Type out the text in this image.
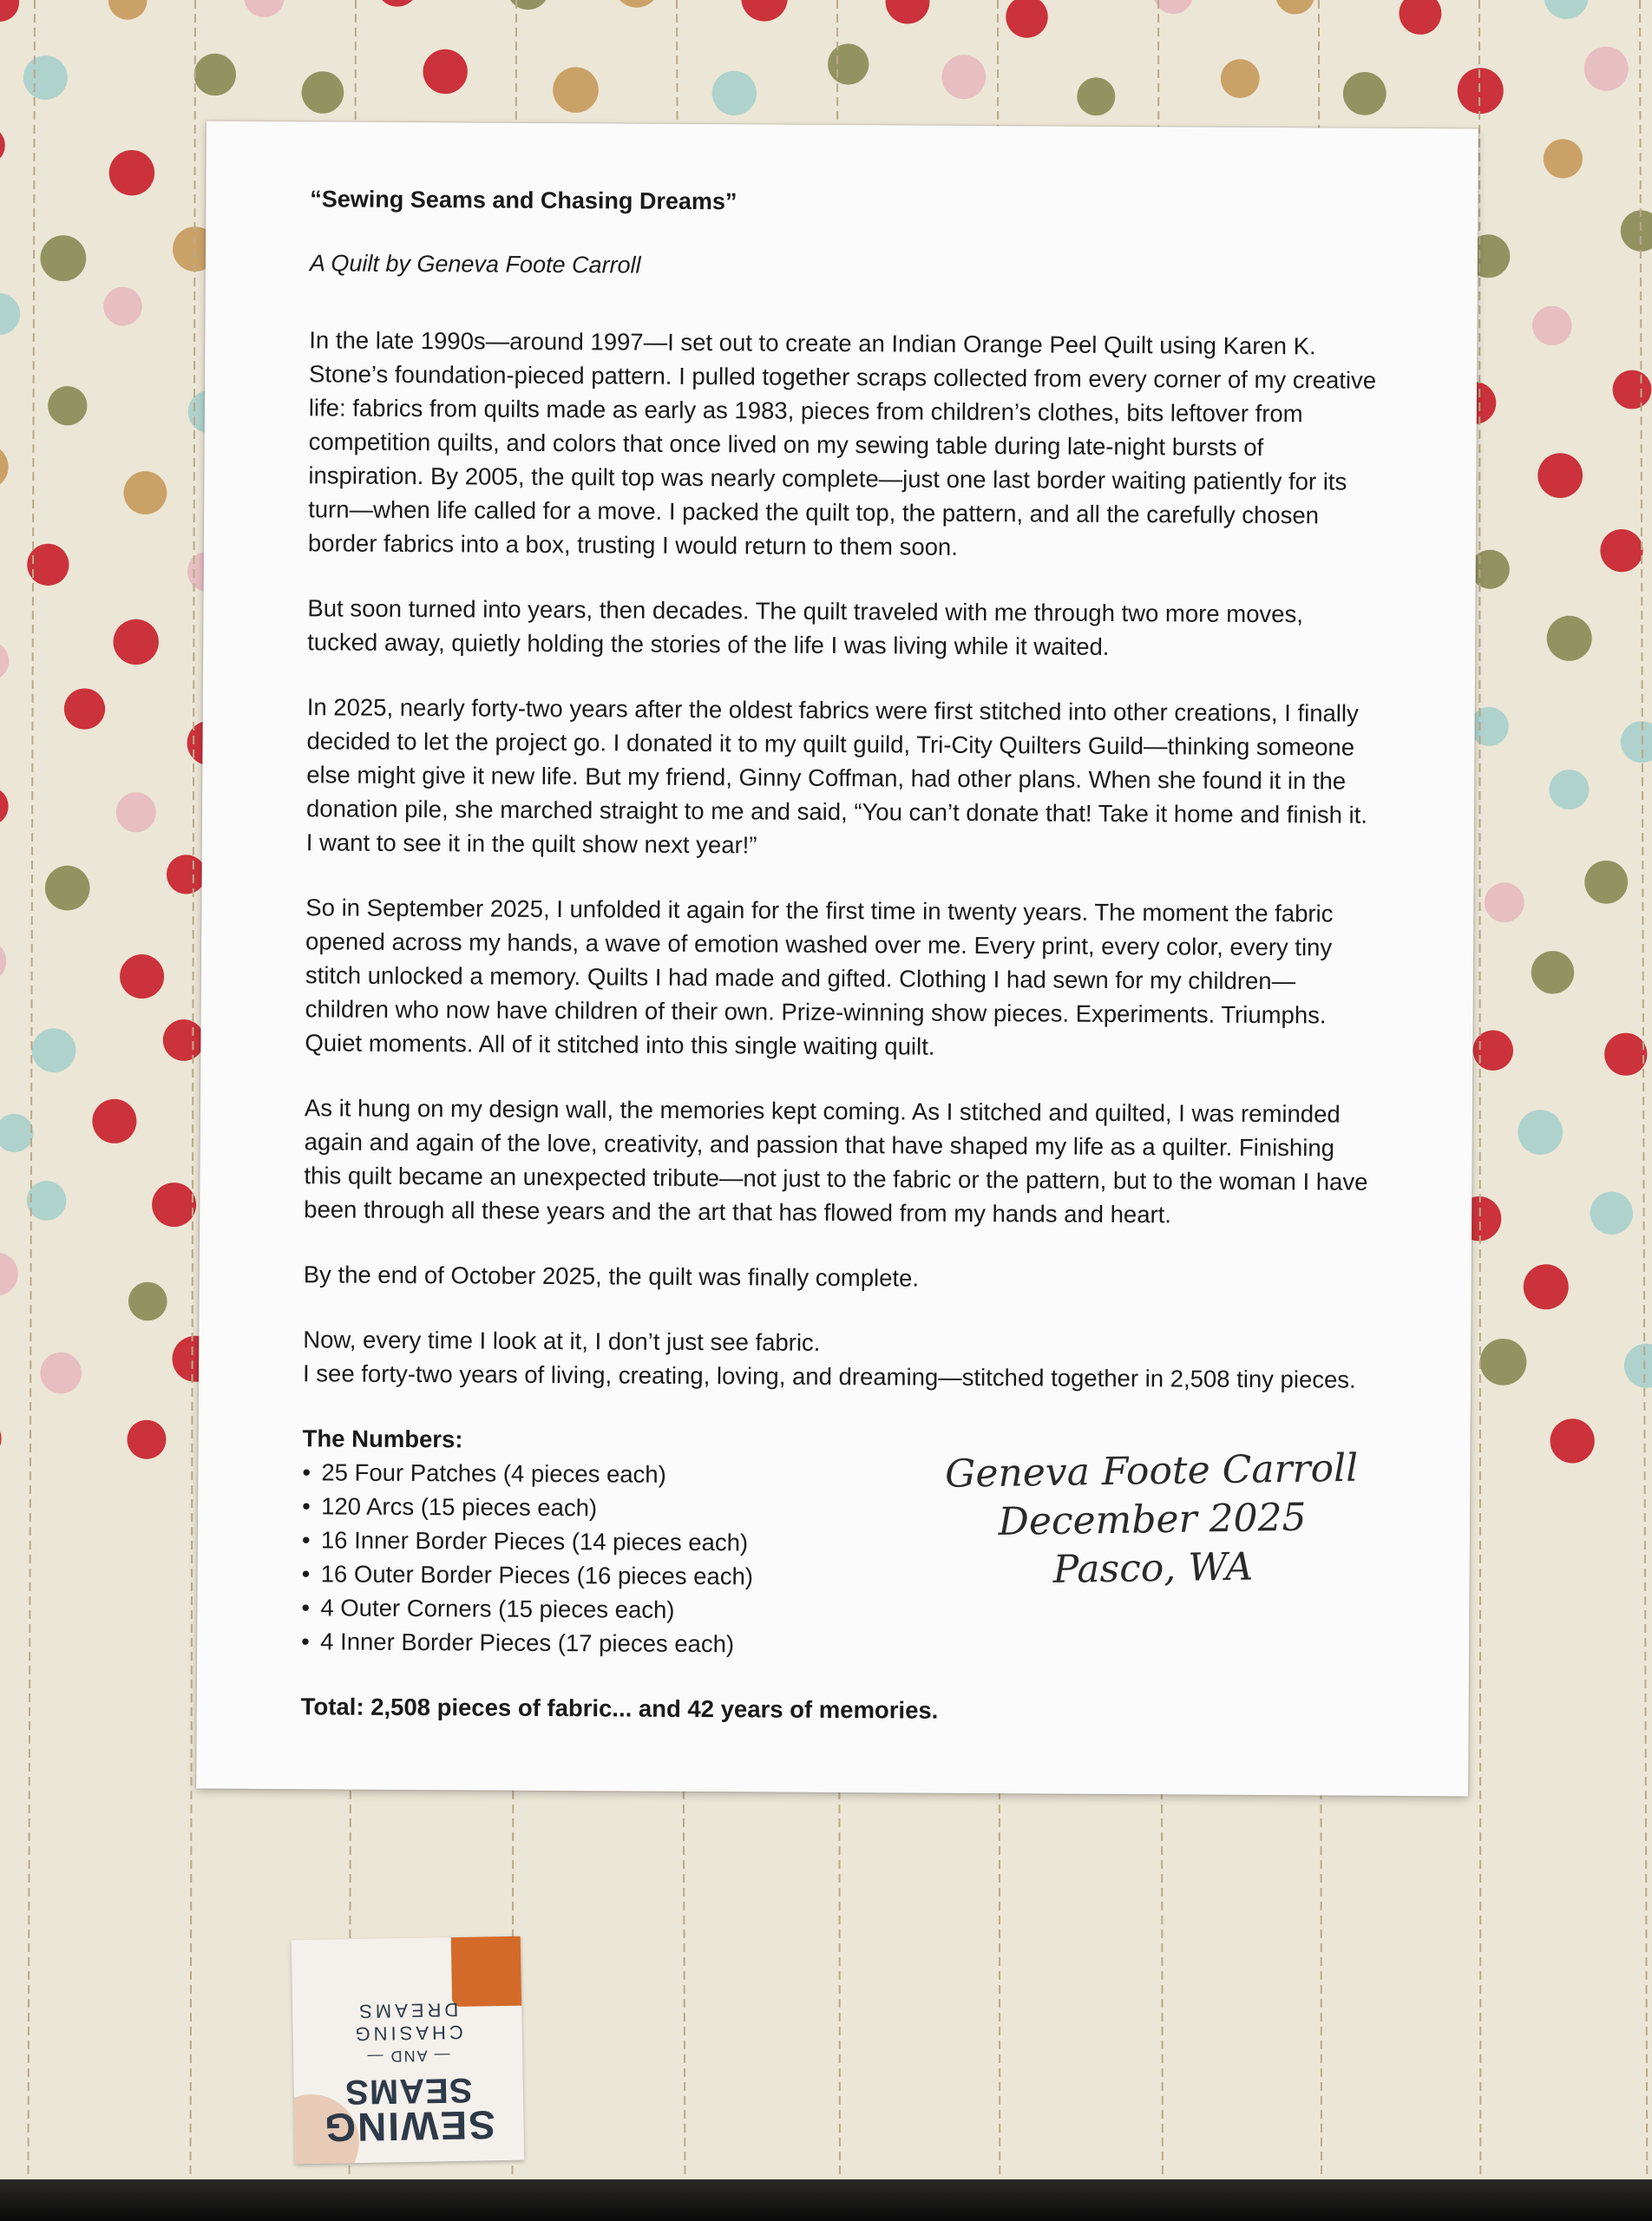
“Sewing Seams and Chasing Dreams”

A Quilt by Geneva Foote Carroll

In the late 1990s—around 1997—I set out to create an Indian Orange Peel Quilt using Karen K. Stone’s foundation-pieced pattern. I pulled together scraps collected from every corner of my creative life: fabrics from quilts made as early as 1983, pieces from children’s clothes, bits leftover from competition quilts, and colors that once lived on my sewing table during late-night bursts of inspiration. By 2005, the quilt top was nearly complete—just one last border waiting patiently for its turn—when life called for a move. I packed the quilt top, the pattern, and all the carefully chosen border fabrics into a box, trusting I would return to them soon.

But soon turned into years, then decades. The quilt traveled with me through two more moves, tucked away, quietly holding the stories of the life I was living while it waited.

In 2025, nearly forty-two years after the oldest fabrics were first stitched into other creations, I finally decided to let the project go. I donated it to my quilt guild, Tri-City Quilters Guild—thinking someone else might give it new life. But my friend, Ginny Coffman, had other plans. When she found it in the donation pile, she marched straight to me and said, “You can’t donate that! Take it home and finish it. I want to see it in the quilt show next year!”

So in September 2025, I unfolded it again for the first time in twenty years. The moment the fabric opened across my hands, a wave of emotion washed over me. Every print, every color, every tiny stitch unlocked a memory. Quilts I had made and gifted. Clothing I had sewn for my children—children who now have children of their own. Prize-winning show pieces. Experiments. Triumphs. Quiet moments. All of it stitched into this single waiting quilt.

As it hung on my design wall, the memories kept coming. As I stitched and quilted, I was reminded again and again of the love, creativity, and passion that have shaped my life as a quilter. Finishing this quilt became an unexpected tribute—not just to the fabric or the pattern, but to the woman I have been through all these years and the art that has flowed from my hands and heart.

By the end of October 2025, the quilt was finally complete.

Now, every time I look at it, I don’t just see fabric.
I see forty-two years of living, creating, loving, and dreaming—stitched together in 2,508 tiny pieces.

The Numbers:

• 25 Four Patches (4 pieces each)
• 120 Arcs (15 pieces each)
• 16 Inner Border Pieces (14 pieces each)
• 16 Outer Border Pieces (16 pieces each)
• 4 Outer Corners (15 pieces each)
• 4 Inner Border Pieces (17 pieces each)

Total: 2,508 pieces of fabric... and 42 years of memories.

Geneva Foote Carroll
December 2025
Pasco, WA
SEWING
SEAMS
— AND —
CHASING
DREAMS
